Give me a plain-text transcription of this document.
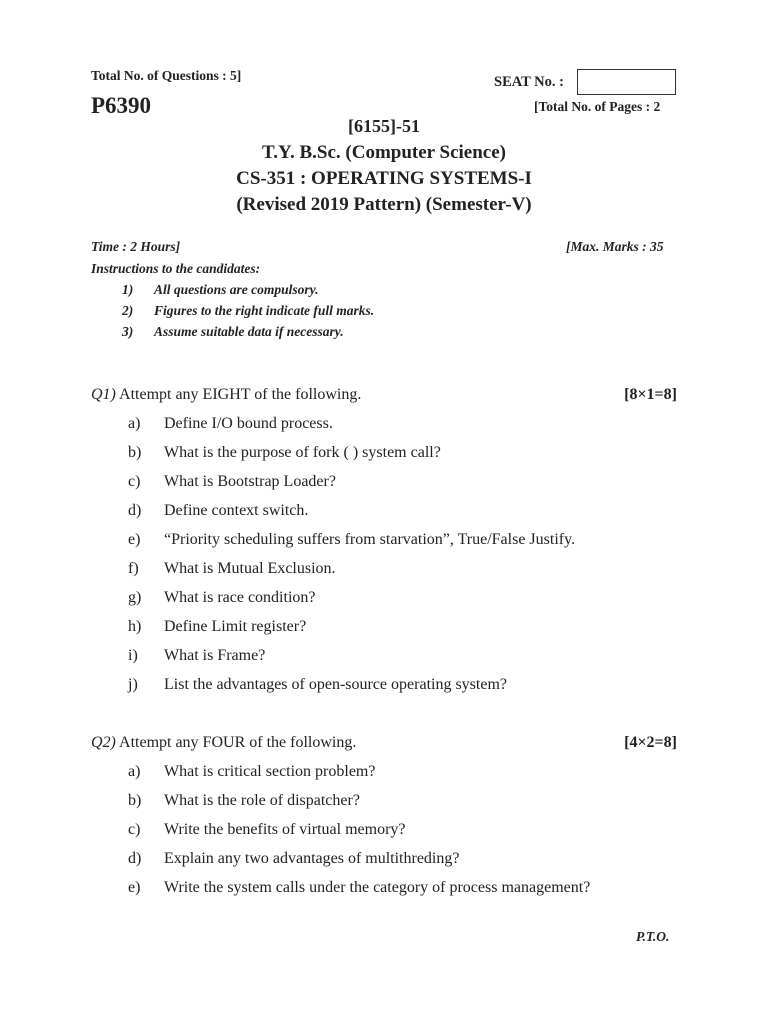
Total No. of Questions : 5]	SEAT No. :
P6390	[Total No. of Pages : 2
[6155]-51
T.Y. B.Sc. (Computer Science)
CS-351 : OPERATING SYSTEMS-I
(Revised 2019 Pattern) (Semester-V)
Time : 2 Hours]	[Max. Marks : 35
Instructions to the candidates:
1) All questions are compulsory.
2) Figures to the right indicate full marks.
3) Assume suitable data if necessary.
Q1) Attempt any EIGHT of the following.	[8×1=8]
a)	Define I/O bound process.
b)	What is the purpose of fork ( ) system call?
c)	What is Bootstrap Loader?
d)	Define context switch.
e)	“Priority scheduling suffers from starvation”, True/False Justify.
f)	What is Mutual Exclusion.
g)	What is race condition?
h)	Define Limit register?
i)	What is Frame?
j)	List the advantages of open-source operating system?
Q2) Attempt any FOUR of the following.	[4×2=8]
a)	What is critical section problem?
b)	What is the role of dispatcher?
c)	Write the benefits of virtual memory?
d)	Explain any two advantages of multithreding?
e)	Write the system calls under the category of process management?
P.T.O.
